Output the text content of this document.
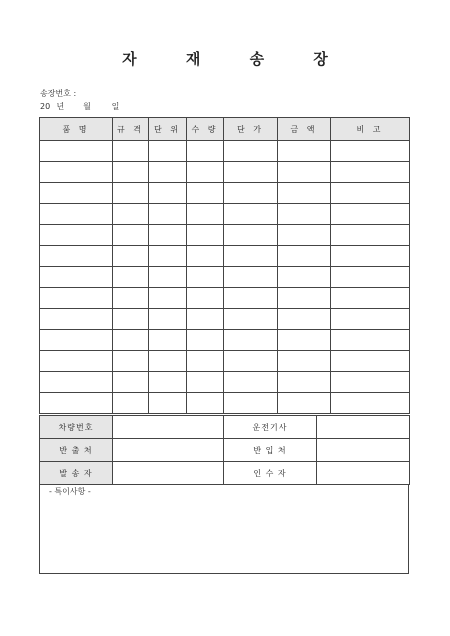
자 재 송 장
송장번호 :
20 년 월	일
품 명	규 격	단 위	수 량	단 가	금 액	비 고

차량번호		운전기사	
반 출 처		반 입 처	
발 송 자		인 수 자	
- 특이사항 -
